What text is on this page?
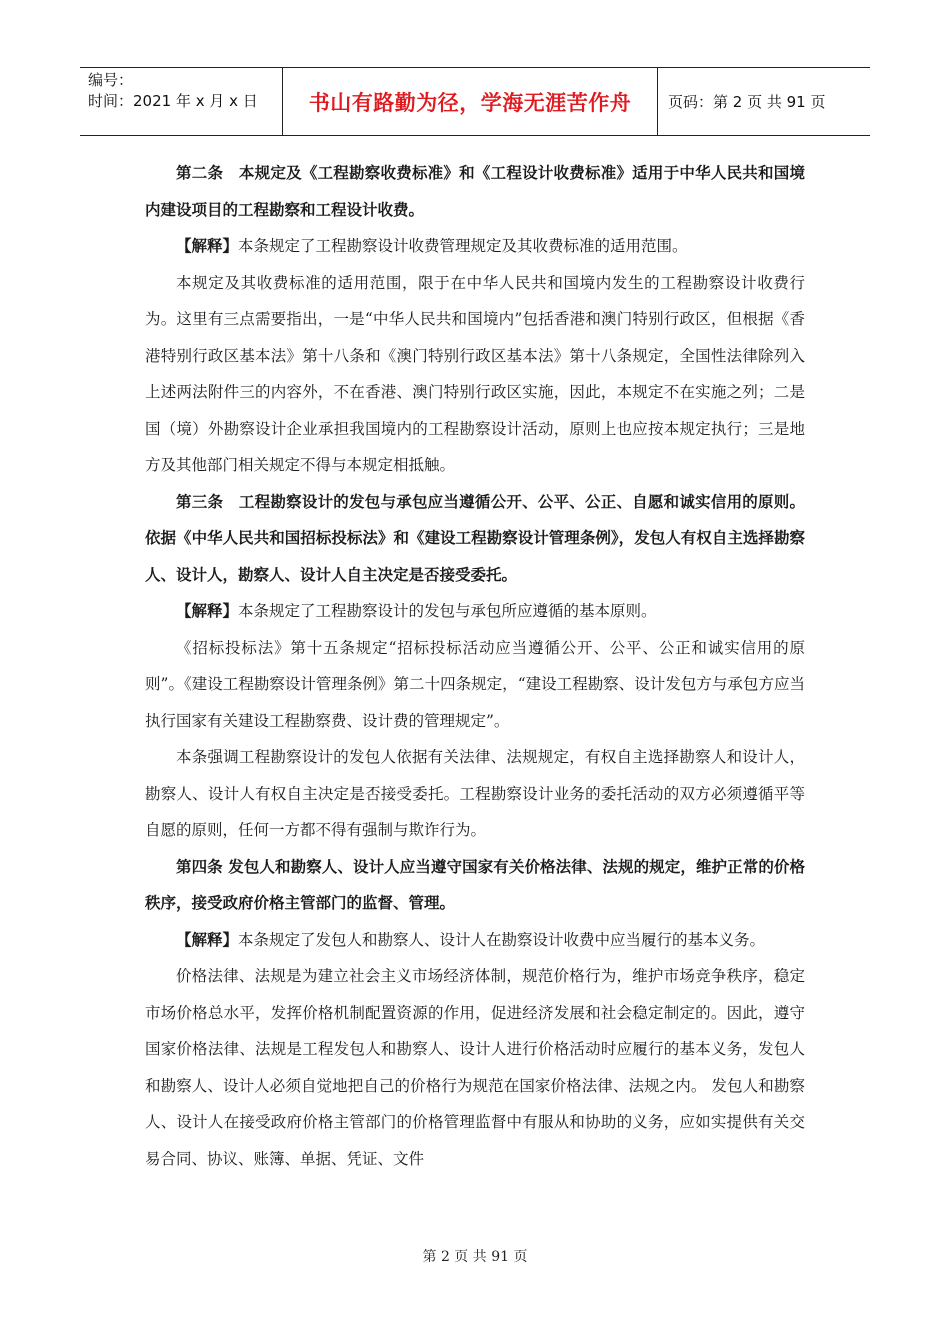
编号：
时间：2021 年 x 月 x 日	书山有路勤为径，学海无涯苦作舟	页码：第 2 页 共 91 页

第二条　本规定及《工程勘察收费标准》和《工程设计收费标准》适用于中华人民共和国境内建设项目的工程勘察和工程设计收费。

【解释】本条规定了工程勘察设计收费管理规定及其收费标准的适用范围。

本规定及其收费标准的适用范围，限于在中华人民共和国境内发生的工程勘察设计收费行为。这里有三点需要指出，一是“中华人民共和国境内”包括香港和澳门特别行政区，但根据《香港特别行政区基本法》第十八条和《澳门特别行政区基本法》第十八条规定，全国性法律除列入上述两法附件三的内容外，不在香港、澳门特别行政区实施，因此，本规定不在实施之列；二是国（境）外勘察设计企业承担我国境内的工程勘察设计活动，原则上也应按本规定执行；三是地方及其他部门相关规定不得与本规定相抵触。

第三条　工程勘察设计的发包与承包应当遵循公开、公平、公正、自愿和诚实信用的原则。依据《中华人民共和国招标投标法》和《建设工程勘察设计管理条例》，发包人有权自主选择勘察人、设计人，勘察人、设计人自主决定是否接受委托。

【解释】本条规定了工程勘察设计的发包与承包所应遵循的基本原则。

《招标投标法》第十五条规定“招标投标活动应当遵循公开、公平、公正和诚实信用的原则”。《建设工程勘察设计管理条例》第二十四条规定，“建设工程勘察、设计发包方与承包方应当执行国家有关建设工程勘察费、设计费的管理规定”。

本条强调工程勘察设计的发包人依据有关法律、法规规定，有权自主选择勘察人和设计人，勘察人、设计人有权自主决定是否接受委托。工程勘察设计业务的委托活动的双方必须遵循平等自愿的原则，任何一方都不得有强制与欺诈行为。

第四条 发包人和勘察人、设计人应当遵守国家有关价格法律、法规的规定，维护正常的价格秩序，接受政府价格主管部门的监督、管理。

【解释】本条规定了发包人和勘察人、设计人在勘察设计收费中应当履行的基本义务。

价格法律、法规是为建立社会主义市场经济体制，规范价格行为，维护市场竞争秩序，稳定市场价格总水平，发挥价格机制配置资源的作用，促进经济发展和社会稳定制定的。因此，遵守国家价格法律、法规是工程发包人和勘察人、设计人进行价格活动时应履行的基本义务，发包人和勘察人、设计人必须自觉地把自己的价格行为规范在国家价格法律、法规之内。 发包人和勘察人、设计人在接受政府价格主管部门的价格管理监督中有服从和协助的义务，应如实提供有关交易合同、协议、账簿、单据、凭证、文件

第 2 页 共 91 页
